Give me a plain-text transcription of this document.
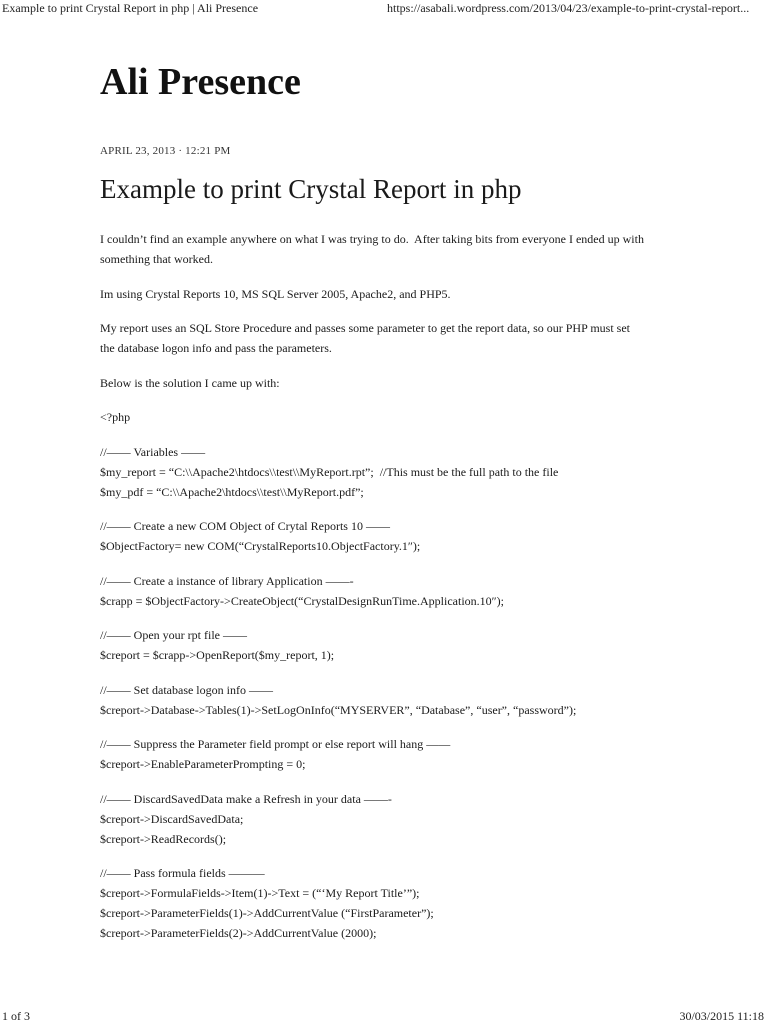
Example to print Crystal Report in php | Ali Presence	https://asabali.wordpress.com/2013/04/23/example-to-print-crystal-report...
Ali Presence
APRIL 23, 2013 · 12:21 PM
Example to print Crystal Report in php

I couldn’t find an example anywhere on what I was trying to do.  After taking bits from everyone I ended up with
something that worked.

Im using Crystal Reports 10, MS SQL Server 2005, Apache2, and PHP5.

My report uses an SQL Store Procedure and passes some parameter to get the report data, so our PHP must set
the database logon info and pass the parameters.

Below is the solution I came up with:

<?php

//—— Variables ——
$my_report = “C:\\Apache2\htdocs\\test\\MyReport.rpt”;  //This must be the full path to the file
$my_pdf = “C:\\Apache2\htdocs\\test\\MyReport.pdf”;

//—— Create a new COM Object of Crytal Reports 10 ——
$ObjectFactory= new COM(“CrystalReports10.ObjectFactory.1″);

//—— Create a instance of library Application ——-
$crapp = $ObjectFactory->CreateObject(“CrystalDesignRunTime.Application.10″);

//—— Open your rpt file ——
$creport = $crapp->OpenReport($my_report, 1);

//—— Set database logon info ——
$creport->Database->Tables(1)->SetLogOnInfo(“MYSERVER”, “Database”, “user”, “password”);

//—— Suppress the Parameter field prompt or else report will hang ——
$creport->EnableParameterPrompting = 0;

//—— DiscardSavedData make a Refresh in your data ——-
$creport->DiscardSavedData;
$creport->ReadRecords();

//—— Pass formula fields ———
$creport->FormulaFields->Item(1)->Text = (“‘My Report Title’”);
$creport->ParameterFields(1)->AddCurrentValue (“FirstParameter”);
$creport->ParameterFields(2)->AddCurrentValue (2000);

1 of 3	30/03/2015 11:18
